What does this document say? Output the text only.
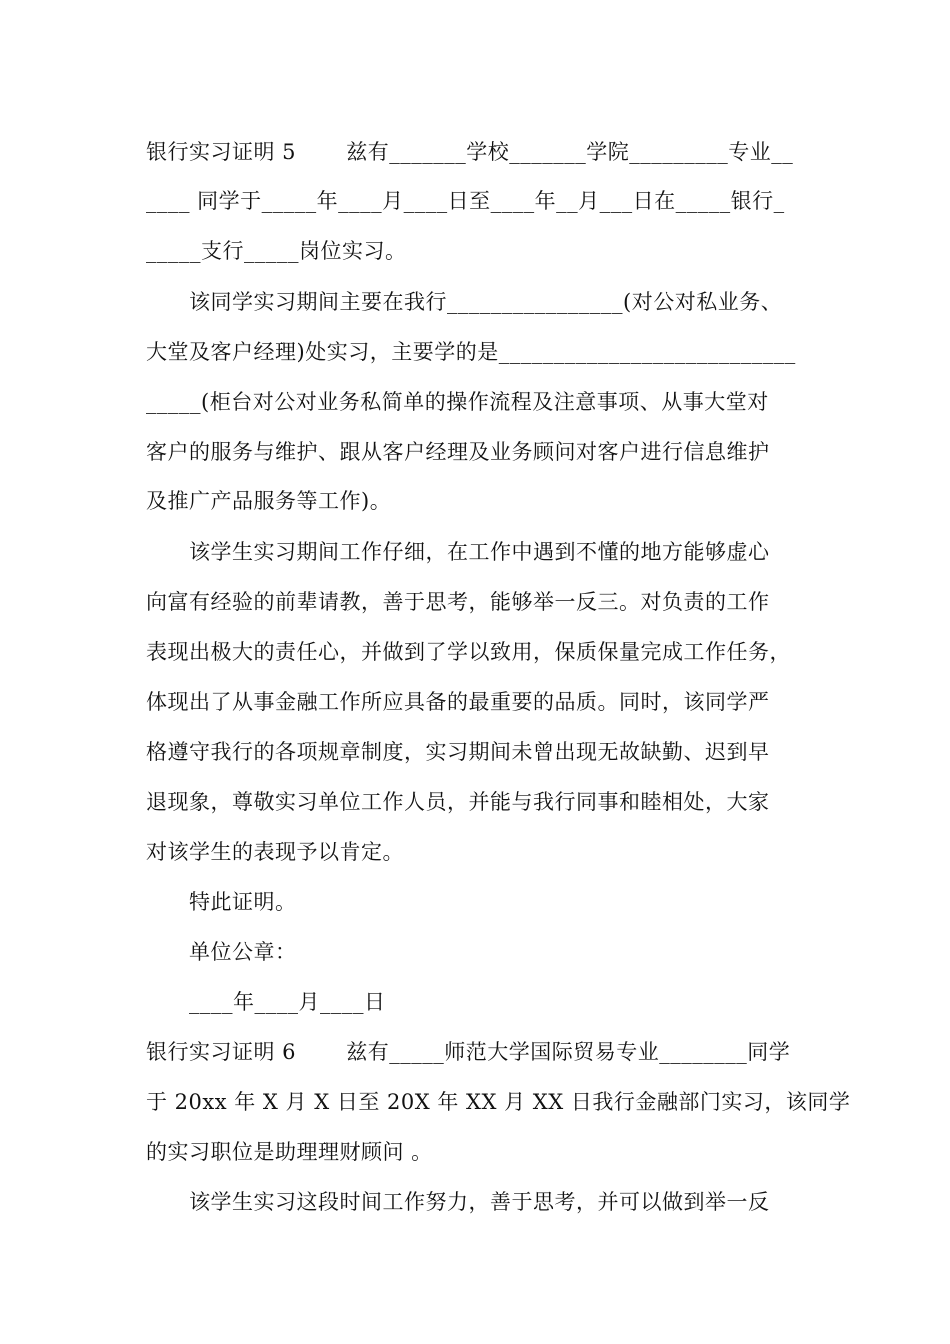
银行实习证明 5　　 兹有_______学校_______学院_________专业__
____ 同学于_____年____月____日至____年__月___日在_____银行_
_____支行_____岗位实习。
　　该同学实习期间主要在我行________________(对公对私业务、
大堂及客户经理)处实习，主要学的是___________________________
_____(柜台对公对业务私简单的操作流程及注意事项、从事大堂对
客户的服务与维护、跟从客户经理及业务顾问对客户进行信息维护
及推广产品服务等工作)。
　　该学生实习期间工作仔细，在工作中遇到不懂的地方能够虚心
向富有经验的前辈请教，善于思考，能够举一反三。对负责的工作
表现出极大的责任心，并做到了学以致用，保质保量完成工作任务，
体现出了从事金融工作所应具备的最重要的品质。同时，该同学严
格遵守我行的各项规章制度，实习期间未曾出现无故缺勤、迟到早
退现象，尊敬实习单位工作人员，并能与我行同事和睦相处，大家
对该学生的表现予以肯定。
　　特此证明。
　　单位公章：
　　____年____月____日
银行实习证明 6　　 兹有_____师范大学国际贸易专业________同学
于 20xx 年 X 月 X 日至 20X 年 XX 月 XX 日我行金融部门实习，该同学
的实习职位是助理理财顾问 。
　　该学生实习这段时间工作努力，善于思考，并可以做到举一反
